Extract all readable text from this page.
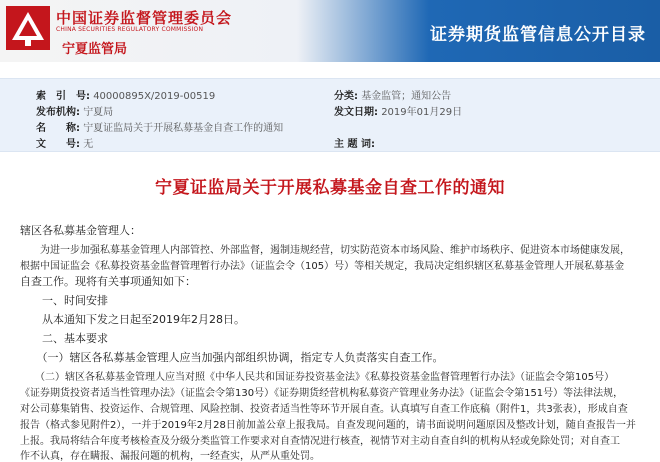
中国证券监督管理委员会
CHINA SECURITIES REGULATORY COMMISSION
宁夏监管局
证券期货监管信息公开目录
索　引　号: 40000895X/2019-00519	分类: 基金监管；通知公告
发布机构: 宁夏局	发文日期: 2019年01月29日
名　　称: 宁夏证监局关于开展私募基金自查工作的通知
文　　号: 无	主 题 词:
宁夏证监局关于开展私募基金自查工作的通知
辖区各私募基金管理人：
　　为进一步加强私募基金管理人内部管控、外部监督，遏制违规经营，切实防范资本市场风险、维护市场秩序、促进资本市场健康发展，
根据中国证监会《私募投资基金监督管理暂行办法》（证监会令（105）号）等相关规定，我局决定组织辖区私募基金管理人开展私募基金
自查工作。现将有关事项通知如下：
　　一、时间安排
　　从本通知下发之日起至2019年2月28日。
　　二、基本要求
　　（一）辖区各私募基金管理人应当加强内部组织协调，指定专人负责落实自查工作。
　　（二）辖区各私募基金管理人应当对照《中华人民共和国证券投资基金法》《私募投资基金监督管理暂行办法》（证监会令第105号）
《证券期货投资者适当性管理办法》（证监会令第130号）《证券期货经营机构私募资产管理业务办法》（证监会令第151号）等法律法规，
对公司募集销售、投资运作、合规管理、风险控制、投资者适当性等环节开展自查。认真填写自查工作底稿（附件1，共3张表），形成自查
报告（格式参见附件2），一并于2019年2月28日前加盖公章上报我局。自查发现问题的，请书面说明问题原因及整改计划，随自查报告一并
上报。我局将结合年度考核检查及分级分类监管工作要求对自查情况进行核查，视情节对主动自查自纠的机构从轻或免除处罚；对自查工
作不认真，存在瞒报、漏报问题的机构，一经查实，从严从重处罚。
